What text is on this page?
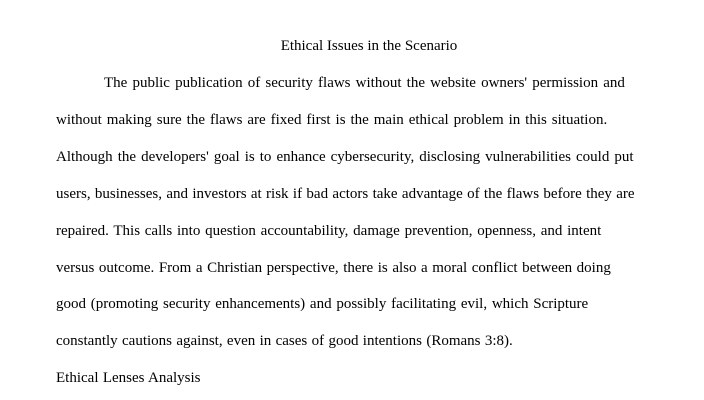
Ethical Issues in the Scenario
The public publication of security flaws without the website owners' permission and
without making sure the flaws are fixed first is the main ethical problem in this situation.
Although the developers' goal is to enhance cybersecurity, disclosing vulnerabilities could put
users, businesses, and investors at risk if bad actors take advantage of the flaws before they are
repaired. This calls into question accountability, damage prevention, openness, and intent
versus outcome. From a Christian perspective, there is also a moral conflict between doing
good (promoting security enhancements) and possibly facilitating evil, which Scripture
constantly cautions against, even in cases of good intentions (Romans 3:8).
Ethical Lenses Analysis
